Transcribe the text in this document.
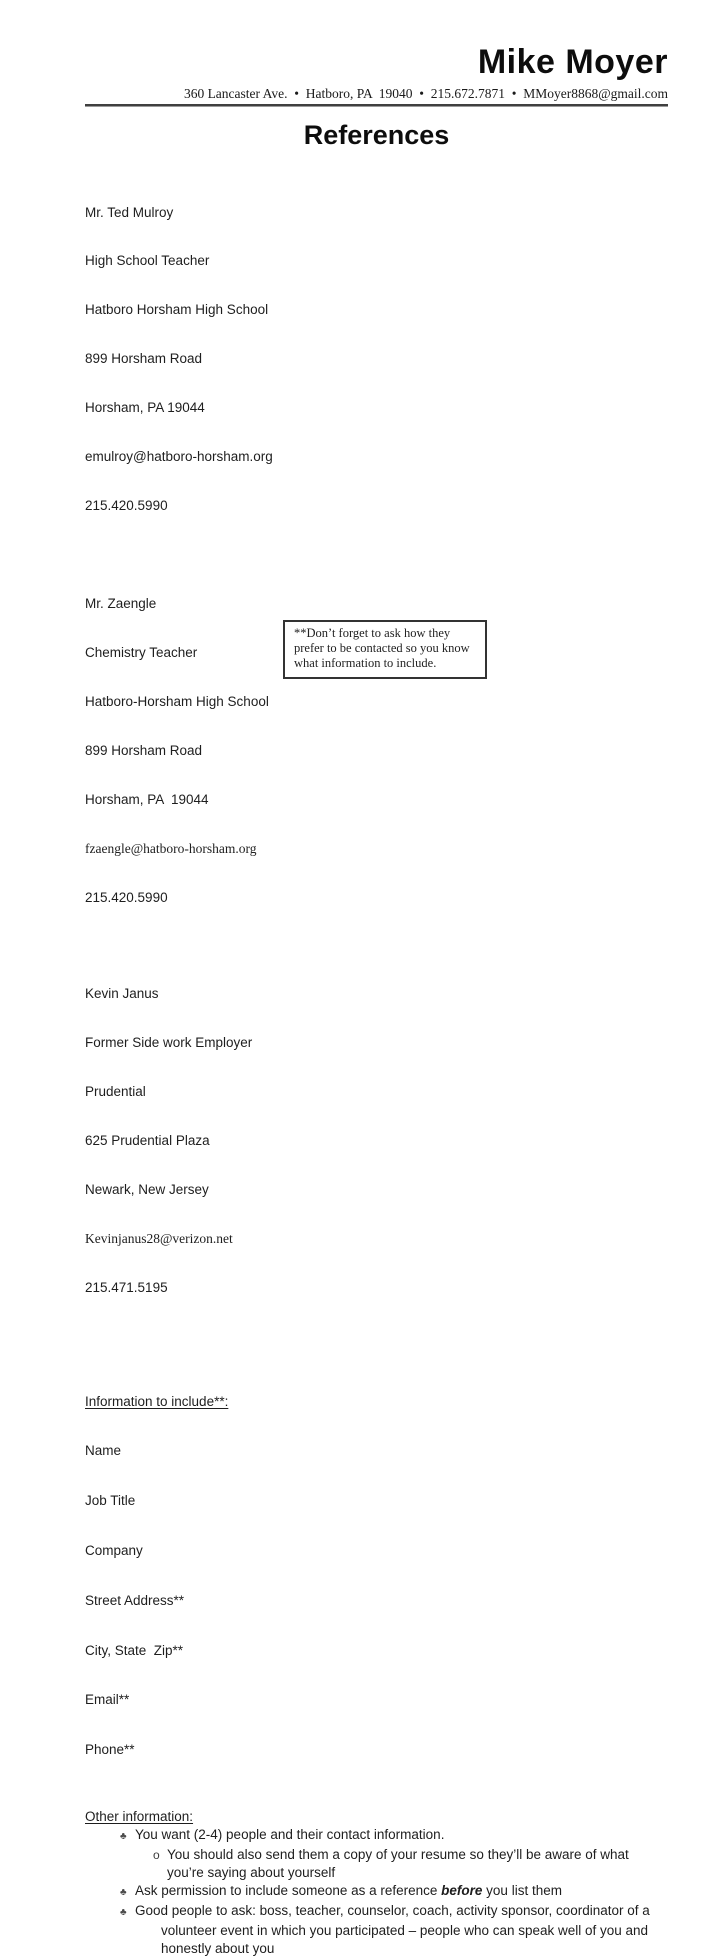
Mike Moyer
360 Lancaster Ave.  •  Hatboro, PA  19040  •  215.672.7871  •  MMoyer8868@gmail.com
References

Mr. Ted Mulroy

High School Teacher

Hatboro Horsham High School

899 Horsham Road

Horsham, PA 19044

emulroy@hatboro-horsham.org

215.420.5990

Mr. Zaengle

Chemistry Teacher

Hatboro-Horsham High School

899 Horsham Road

Horsham, PA  19044

fzaengle@hatboro-horsham.org

215.420.5990

Kevin Janus

Former Side work Employer

Prudential

625 Prudential Plaza

Newark, New Jersey

Kevinjanus28@verizon.net

215.471.5195

Information to include**:

Name

Job Title

Company

Street Address**

City, State  Zip**

Email**

Phone**

Other information:
♣ You want (2-4) people and their contact information.
o You should also send them a copy of your resume so they’ll be aware of what you’re saying about yourself
♣ Ask permission to include someone as a reference before you list them
♣ Good people to ask: boss, teacher, counselor, coach, activity sponsor, coordinator of a volunteer event in which you participated – people who can speak well of you and honestly about you
**Don’t forget to ask how they
prefer to be contacted so you know
what information to include.
